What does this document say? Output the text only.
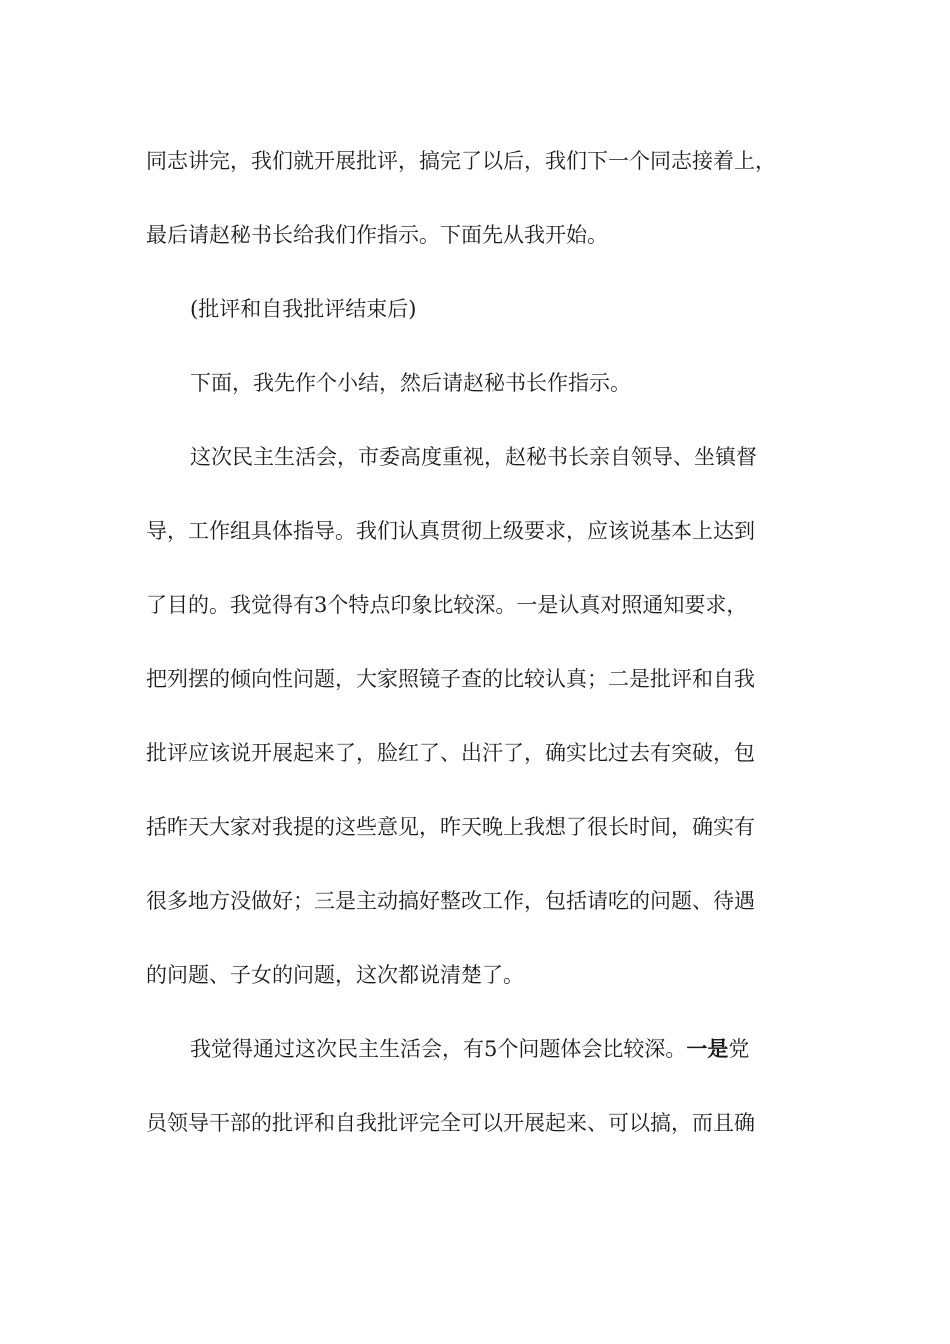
同志讲完，我们就开展批评，搞完了以后，我们下一个同志接着上，
最后请赵秘书长给我们作指示。下面先从我开始。
(批评和自我批评结束后)
下面，我先作个小结，然后请赵秘书长作指示。
这次民主生活会，市委高度重视，赵秘书长亲自领导、坐镇督
导，工作组具体指导。我们认真贯彻上级要求，应该说基本上达到
了目的。我觉得有3个特点印象比较深。一是认真对照通知要求，
把列摆的倾向性问题，大家照镜子查的比较认真；二是批评和自我
批评应该说开展起来了，脸红了、出汗了，确实比过去有突破，包
括昨天大家对我提的这些意见，昨天晚上我想了很长时间，确实有
很多地方没做好；三是主动搞好整改工作，包括请吃的问题、待遇
的问题、子女的问题，这次都说清楚了。
我觉得通过这次民主生活会，有5个问题体会比较深。一是党
员领导干部的批评和自我批评完全可以开展起来、可以搞，而且确
